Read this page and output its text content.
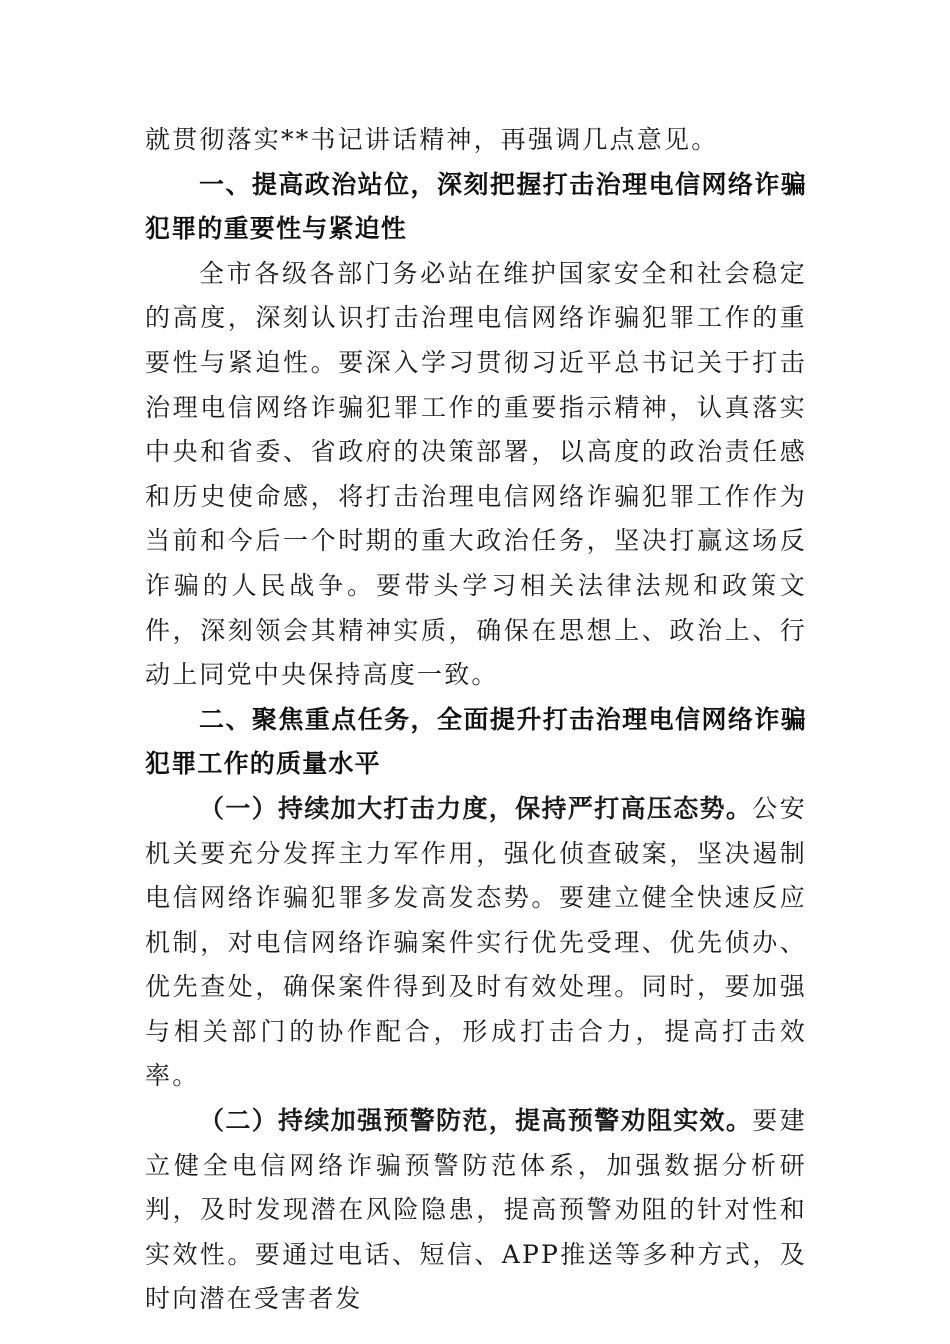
就贯彻落实**书记讲话精神，再强调几点意见。

一、提高政治站位，深刻把握打击治理电信网络诈骗犯罪的重要性与紧迫性

全市各级各部门务必站在维护国家安全和社会稳定的高度，深刻认识打击治理电信网络诈骗犯罪工作的重要性与紧迫性。要深入学习贯彻习近平总书记关于打击治理电信网络诈骗犯罪工作的重要指示精神，认真落实中央和省委、省政府的决策部署，以高度的政治责任感和历史使命感，将打击治理电信网络诈骗犯罪工作作为当前和今后一个时期的重大政治任务，坚决打赢这场反诈骗的人民战争。要带头学习相关法律法规和政策文件，深刻领会其精神实质，确保在思想上、政治上、行动上同党中央保持高度一致。

二、聚焦重点任务，全面提升打击治理电信网络诈骗犯罪工作的质量水平

（一）持续加大打击力度，保持严打高压态势。公安机关要充分发挥主力军作用，强化侦查破案，坚决遏制电信网络诈骗犯罪多发高发态势。要建立健全快速反应机制，对电信网络诈骗案件实行优先受理、优先侦办、优先查处，确保案件得到及时有效处理。同时，要加强与相关部门的协作配合，形成打击合力，提高打击效率。

（二）持续加强预警防范，提高预警劝阻实效。要建立健全电信网络诈骗预警防范体系，加强数据分析研判，及时发现潜在风险隐患，提高预警劝阻的针对性和实效性。要通过电话、短信、APP推送等多种方式，及时向潜在受害者发
